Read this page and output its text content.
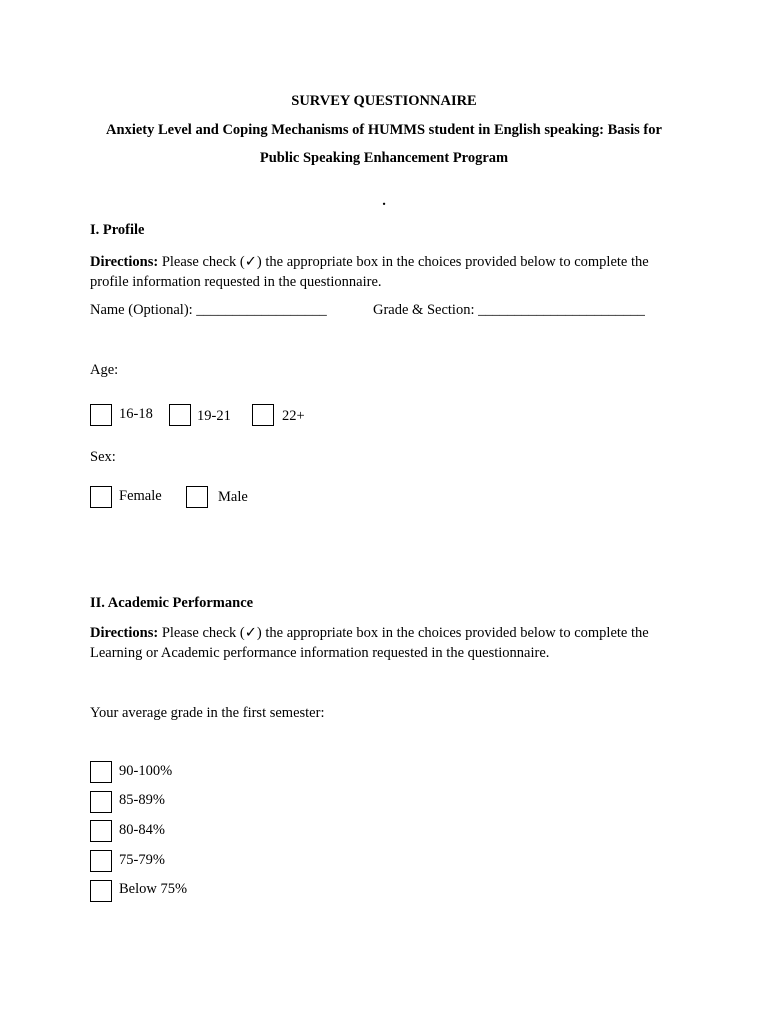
SURVEY QUESTIONNAIRE
Anxiety Level and Coping Mechanisms of HUMMS student in English speaking: Basis for
Public Speaking Enhancement Program
.
I. Profile
Directions: Please check (✓) the appropriate box in the choices provided below to complete the profile information requested in the questionnaire.
Name (Optional): __________________	Grade & Section: _______________________
Age:
16-18	19-21	22+
Sex:
Female	Male
II. Academic Performance
Directions: Please check (✓) the appropriate box in the choices provided below to complete the Learning or Academic performance information requested in the questionnaire.
Your average grade in the first semester:
90-100%
85-89%
80-84%
75-79%
Below 75%
